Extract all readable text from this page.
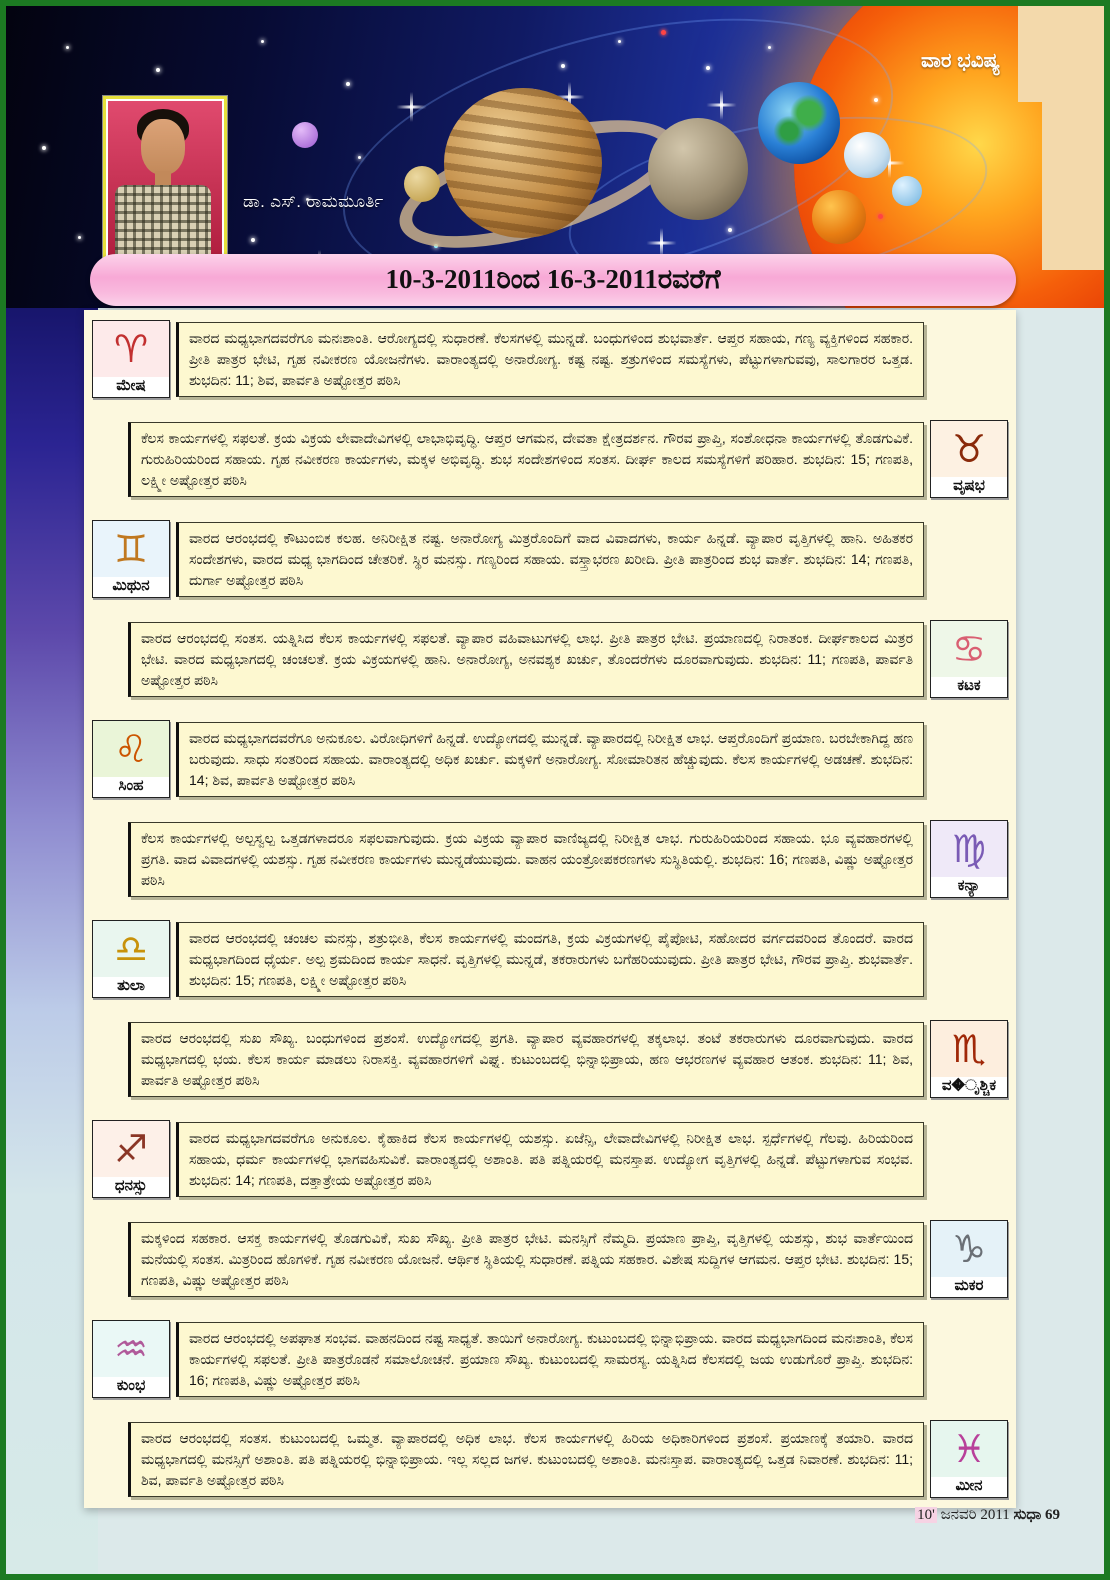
ಡಾ. ಎಸ್. ರಾಮಮೂರ್ತಿ
ವಾರ ಭವಿಷ್ಯ
10-3-2011ರಿಂದ 16-3-2011ರವರೆಗೆ
♈
ಮೇಷ

ವಾರದ ಮಧ್ಯಭಾಗದವರೆಗೂ ಮನಃಶಾಂತಿ. ಆರೋಗ್ಯದಲ್ಲಿ ಸುಧಾರಣೆ. ಕೆಲಸಗಳಲ್ಲಿ ಮುನ್ನಡೆ. ಬಂಧುಗಳಿಂದ ಶುಭವಾರ್ತೆ. ಆಪ್ತರ ಸಹಾಯ, ಗಣ್ಯ ವ್ಯಕ್ತಿಗಳಿಂದ ಸಹಕಾರ. ಪ್ರೀತಿ ಪಾತ್ರರ ಭೇಟಿ, ಗೃಹ ನವೀಕರಣ ಯೋಜನೆಗಳು. ವಾರಾಂತ್ಯದಲ್ಲಿ ಅನಾರೋಗ್ಯ. ಕಷ್ಟ ನಷ್ಟ. ಶತ್ರುಗಳಿಂದ ಸಮಸ್ಯೆಗಳು, ಪೆಟ್ಟುಗಳಾಗುವವು, ಸಾಲಗಾರರ ಒತ್ತಡ. ಶುಭದಿನ: 11; ಶಿವ, ಪಾರ್ವತಿ ಅಷ್ಟೋತ್ತರ ಪಠಿಸಿ

ಕೆಲಸ ಕಾರ್ಯಗಳಲ್ಲಿ ಸಫಲತೆ. ಕ್ರಯ ವಿಕ್ರಯ ಲೇವಾದೇವಿಗಳಲ್ಲಿ ಲಾಭಾಭಿವೃದ್ಧಿ. ಆಪ್ತರ ಆಗಮನ, ದೇವತಾ ಕ್ಷೇತ್ರದರ್ಶನ. ಗೌರವ ಪ್ರಾಪ್ತಿ, ಸಂಶೋಧನಾ ಕಾರ್ಯಗಳಲ್ಲಿ ತೊಡಗುವಿಕೆ. ಗುರುಹಿರಿಯರಿಂದ ಸಹಾಯ. ಗೃಹ ನವೀಕರಣ ಕಾರ್ಯಗಳು, ಮಕ್ಕಳ ಅಭಿವೃದ್ಧಿ. ಶುಭ ಸಂದೇಶಗಳಿಂದ ಸಂತಸ. ದೀರ್ಘ ಕಾಲದ ಸಮಸ್ಯೆಗಳಿಗೆ ಪರಿಹಾರ. ಶುಭದಿನ: 15; ಗಣಪತಿ, ಲಕ್ಷ್ಮೀ ಅಷ್ಟೋತ್ತರ ಪಠಿಸಿ

♉
ವೃಷಭ
♊
ಮಿಥುನ

ವಾರದ ಆರಂಭದಲ್ಲಿ ಕೌಟುಂಬಿಕ ಕಲಹ. ಅನಿರೀಕ್ಷಿತ ನಷ್ಟ. ಅನಾರೋಗ್ಯ ಮಿತ್ರರೊಂದಿಗೆ ವಾದ ವಿವಾದಗಳು, ಕಾರ್ಯ ಹಿನ್ನಡೆ. ವ್ಯಾಪಾರ ವೃತ್ತಿಗಳಲ್ಲಿ ಹಾನಿ. ಅಹಿತಕರ ಸಂದೇಶಗಳು, ವಾರದ ಮಧ್ಯ ಭಾಗದಿಂದ ಚೇತರಿಕೆ. ಸ್ಥಿರ ಮನಸ್ಸು. ಗಣ್ಯರಿಂದ ಸಹಾಯ. ವಸ್ತ್ರಾಭರಣ ಖರೀದಿ. ಪ್ರೀತಿ ಪಾತ್ರರಿಂದ ಶುಭ ವಾರ್ತೆ. ಶುಭದಿನ: 14; ಗಣಪತಿ, ದುರ್ಗಾ ಅಷ್ಟೋತ್ತರ ಪಠಿಸಿ

ವಾರದ ಆರಂಭದಲ್ಲಿ ಸಂತಸ. ಯತ್ನಿಸಿದ ಕೆಲಸ ಕಾರ್ಯಗಳಲ್ಲಿ ಸಫಲತೆ. ವ್ಯಾಪಾರ ವಹಿವಾಟುಗಳಲ್ಲಿ ಲಾಭ. ಪ್ರೀತಿ ಪಾತ್ರರ ಭೇಟಿ. ಪ್ರಯಾಣದಲ್ಲಿ ನಿರಾತಂಕ. ದೀರ್ಘಕಾಲದ ಮಿತ್ರರ ಭೇಟಿ. ವಾರದ ಮಧ್ಯಭಾಗದಲ್ಲಿ ಚಂಚಲತೆ. ಕ್ರಯ ವಿಕ್ರಯಗಳಲ್ಲಿ ಹಾನಿ. ಅನಾರೋಗ್ಯ, ಅನವಶ್ಯಕ ಖರ್ಚು, ತೊಂದರೆಗಳು ದೂರವಾಗುವುದು. ಶುಭದಿನ: 11; ಗಣಪತಿ, ಪಾರ್ವತಿ ಅಷ್ಟೋತ್ತರ ಪಠಿಸಿ

♋
ಕಟಕ
♌
ಸಿಂಹ

ವಾರದ ಮಧ್ಯಭಾಗದವರೆಗೂ ಅನುಕೂಲ. ವಿರೋಧಿಗಳಿಗೆ ಹಿನ್ನಡೆ. ಉದ್ಯೋಗದಲ್ಲಿ ಮುನ್ನಡೆ. ವ್ಯಾಪಾರದಲ್ಲಿ ನಿರೀಕ್ಷಿತ ಲಾಭ. ಆಪ್ತರೊಂದಿಗೆ ಪ್ರಯಾಣ. ಬರಬೇಕಾಗಿದ್ದ ಹಣ ಬರುವುದು. ಸಾಧು ಸಂತರಿಂದ ಸಹಾಯ. ವಾರಾಂತ್ಯದಲ್ಲಿ ಅಧಿಕ ಖರ್ಚು. ಮಕ್ಕಳಿಗೆ ಅನಾರೋಗ್ಯ. ಸೋಮಾರಿತನ ಹೆಚ್ಚುವುದು. ಕೆಲಸ ಕಾರ್ಯಗಳಲ್ಲಿ ಅಡಚಣೆ. ಶುಭದಿನ: 14; ಶಿವ, ಪಾರ್ವತಿ ಅಷ್ಟೋತ್ತರ ಪಠಿಸಿ

ಕೆಲಸ ಕಾರ್ಯಗಳಲ್ಲಿ ಅಲ್ಪಸ್ವಲ್ಪ ಒತ್ತಡಗಳಾದರೂ ಸಫಲವಾಗುವುದು. ಕ್ರಯ ವಿಕ್ರಯ ವ್ಯಾಪಾರ ವಾಣಿಜ್ಯದಲ್ಲಿ ನಿರೀಕ್ಷಿತ ಲಾಭ. ಗುರುಹಿರಿಯರಿಂದ ಸಹಾಯ. ಭೂ ವ್ಯವಹಾರಗಳಲ್ಲಿ ಪ್ರಗತಿ. ವಾದ ವಿವಾದಗಳಲ್ಲಿ ಯಶಸ್ಸು. ಗೃಹ ನವೀಕರಣ ಕಾರ್ಯಗಳು ಮುನ್ನಡೆಯುವುದು. ವಾಹನ ಯಂತ್ರೋಪಕರಣಗಳು ಸುಸ್ಥಿತಿಯಲ್ಲಿ. ಶುಭದಿನ: 16; ಗಣಪತಿ, ವಿಷ್ಣು ಅಷ್ಟೋತ್ತರ ಪಠಿಸಿ

♍
ಕನ್ಯಾ
♎
ತುಲಾ

ವಾರದ ಆರಂಭದಲ್ಲಿ ಚಂಚಲ ಮನಸ್ಸು, ಶತ್ರುಭೀತಿ, ಕೆಲಸ ಕಾರ್ಯಗಳಲ್ಲಿ ಮಂದಗತಿ, ಕ್ರಯ ವಿಕ್ರಯಗಳಲ್ಲಿ ಪೈಪೋಟಿ, ಸಹೋದರ ವರ್ಗದವರಿಂದ ತೊಂದರೆ. ವಾರದ ಮಧ್ಯಭಾಗದಿಂದ ಧೈರ್ಯ. ಅಲ್ಪ ಶ್ರಮದಿಂದ ಕಾರ್ಯ ಸಾಧನೆ. ವೃತ್ತಿಗಳಲ್ಲಿ ಮುನ್ನಡೆ, ತಕರಾರುಗಳು ಬಗೆಹರಿಯುವುದು. ಪ್ರೀತಿ ಪಾತ್ರರ ಭೇಟಿ, ಗೌರವ ಪ್ರಾಪ್ತಿ. ಶುಭವಾರ್ತೆ. ಶುಭದಿನ: 15; ಗಣಪತಿ, ಲಕ್ಷ್ಮೀ ಅಷ್ಟೋತ್ತರ ಪಠಿಸಿ

ವಾರದ ಆರಂಭದಲ್ಲಿ ಸುಖ ಸೌಖ್ಯ. ಬಂಧುಗಳಿಂದ ಪ್ರಶಂಸೆ. ಉದ್ಯೋಗದಲ್ಲಿ ಪ್ರಗತಿ. ವ್ಯಾಪಾರ ವ್ಯವಹಾರಗಳಲ್ಲಿ ತಕ್ಕಲಾಭ. ತಂಟೆ ತಕರಾರುಗಳು ದೂರವಾಗುವುದು. ವಾರದ ಮಧ್ಯಭಾಗದಲ್ಲಿ ಭಯ. ಕೆಲಸ ಕಾರ್ಯ ಮಾಡಲು ನಿರಾಸಕ್ತಿ. ವ್ಯವಹಾರಗಳಿಗೆ ವಿಘ್ನ. ಕುಟುಂಬದಲ್ಲಿ ಭಿನ್ನಾಭಿಪ್ರಾಯ, ಹಣ ಆಭರಣಗಳ ವ್ಯವಹಾರ ಆತಂಕ. ಶುಭದಿನ: 11; ಶಿವ, ಪಾರ್ವತಿ ಅಷ್ಟೋತ್ತರ ಪಠಿಸಿ

♏
ವ�ೃಶ್ಚಿಕ
♐
ಧನಸ್ಸು

ವಾರದ ಮಧ್ಯಭಾಗದವರೆಗೂ ಅನುಕೂಲ. ಕೈಹಾಕಿದ ಕೆಲಸ ಕಾರ್ಯಗಳಲ್ಲಿ ಯಶಸ್ಸು. ಏಜೆನ್ಸಿ, ಲೇವಾದೇವಿಗಳಲ್ಲಿ ನಿರೀಕ್ಷಿತ ಲಾಭ. ಸ್ಪರ್ಧೆಗಳಲ್ಲಿ ಗೆಲವು. ಹಿರಿಯರಿಂದ ಸಹಾಯ, ಧರ್ಮ ಕಾರ್ಯಗಳಲ್ಲಿ ಭಾಗವಹಿಸುವಿಕೆ. ವಾರಾಂತ್ಯದಲ್ಲಿ ಅಶಾಂತಿ. ಪತಿ ಪತ್ನಿಯರಲ್ಲಿ ಮನಸ್ತಾಪ. ಉದ್ಯೋಗ ವೃತ್ತಿಗಳಲ್ಲಿ ಹಿನ್ನಡೆ. ಪೆಟ್ಟುಗಳಾಗುವ ಸಂಭವ. ಶುಭದಿನ: 14; ಗಣಪತಿ, ದತ್ತಾತ್ರೇಯ ಅಷ್ಟೋತ್ತರ ಪಠಿಸಿ

ಮಕ್ಕಳಿಂದ ಸಹಕಾರ. ಆಸಕ್ತ ಕಾರ್ಯಗಳಲ್ಲಿ ತೊಡಗುವಿಕೆ, ಸುಖ ಸೌಖ್ಯ. ಪ್ರೀತಿ ಪಾತ್ರರ ಭೇಟಿ. ಮನಸ್ಸಿಗೆ ನೆಮ್ಮದಿ. ಪ್ರಯಾಣ ಪ್ರಾಪ್ತಿ, ವೃತ್ತಿಗಳಲ್ಲಿ ಯಶಸ್ಸು, ಶುಭ ವಾರ್ತೆಯಿಂದ ಮನೆಯಲ್ಲಿ ಸಂತಸ. ಮಿತ್ರರಿಂದ ಹೊಗಳಿಕೆ. ಗೃಹ ನವೀಕರಣ ಯೋಜನೆ. ಆರ್ಥಿಕ ಸ್ಥಿತಿಯಲ್ಲಿ ಸುಧಾರಣೆ. ಪತ್ನಿಯ ಸಹಕಾರ. ವಿಶೇಷ ಸುದ್ದಿಗಳ ಆಗಮನ. ಆಪ್ತರ ಭೇಟಿ. ಶುಭದಿನ: 15; ಗಣಪತಿ, ವಿಷ್ಣು ಅಷ್ಟೋತ್ತರ ಪಠಿಸಿ

♑
ಮಕರ
♒
ಕುಂಭ

ವಾರದ ಆರಂಭದಲ್ಲಿ ಅಪಘಾತ ಸಂಭವ. ವಾಹನದಿಂದ ನಷ್ಟ ಸಾಧ್ಯತೆ. ತಾಯಿಗೆ ಅನಾರೋಗ್ಯ. ಕುಟುಂಬದಲ್ಲಿ ಭಿನ್ನಾಭಿಪ್ರಾಯ. ವಾರದ ಮಧ್ಯಭಾಗದಿಂದ ಮನಃಶಾಂತಿ, ಕೆಲಸ ಕಾರ್ಯಗಳಲ್ಲಿ ಸಫಲತೆ. ಪ್ರೀತಿ ಪಾತ್ರರೊಡನೆ ಸಮಾಲೋಚನೆ. ಪ್ರಯಾಣ ಸೌಖ್ಯ. ಕುಟುಂಬದಲ್ಲಿ ಸಾಮರಸ್ಯ. ಯತ್ನಿಸಿದ ಕೆಲಸದಲ್ಲಿ ಜಯ ಉಡುಗೊರೆ ಪ್ರಾಪ್ತಿ. ಶುಭದಿನ: 16; ಗಣಪತಿ, ವಿಷ್ಣು ಅಷ್ಟೋತ್ತರ ಪಠಿಸಿ

ವಾರದ ಆರಂಭದಲ್ಲಿ ಸಂತಸ. ಕುಟುಂಬದಲ್ಲಿ ಒಮ್ಮತ. ವ್ಯಾಪಾರದಲ್ಲಿ ಅಧಿಕ ಲಾಭ. ಕೆಲಸ ಕಾರ್ಯಗಳಲ್ಲಿ ಹಿರಿಯ ಅಧಿಕಾರಿಗಳಿಂದ ಪ್ರಶಂಸೆ. ಪ್ರಯಾಣಕ್ಕೆ ತಯಾರಿ. ವಾರದ ಮಧ್ಯಭಾಗದಲ್ಲಿ ಮನಸ್ಸಿಗೆ ಅಶಾಂತಿ. ಪತಿ ಪತ್ನಿಯರಲ್ಲಿ ಭಿನ್ನಾಭಿಪ್ರಾಯ. ಇಲ್ಲ ಸಲ್ಲದ ಜಗಳ. ಕುಟುಂಬದಲ್ಲಿ ಅಶಾಂತಿ. ಮನಃಸ್ತಾಪ. ವಾರಾಂತ್ಯದಲ್ಲಿ ಒತ್ತಡ ನಿವಾರಣೆ. ಶುಭದಿನ: 11; ಶಿವ, ಪಾರ್ವತಿ ಅಷ್ಟೋತ್ತರ ಪಠಿಸಿ

♓
ಮೀನ
10' ಜನವರಿ 2011 ಸುಧಾ 69
